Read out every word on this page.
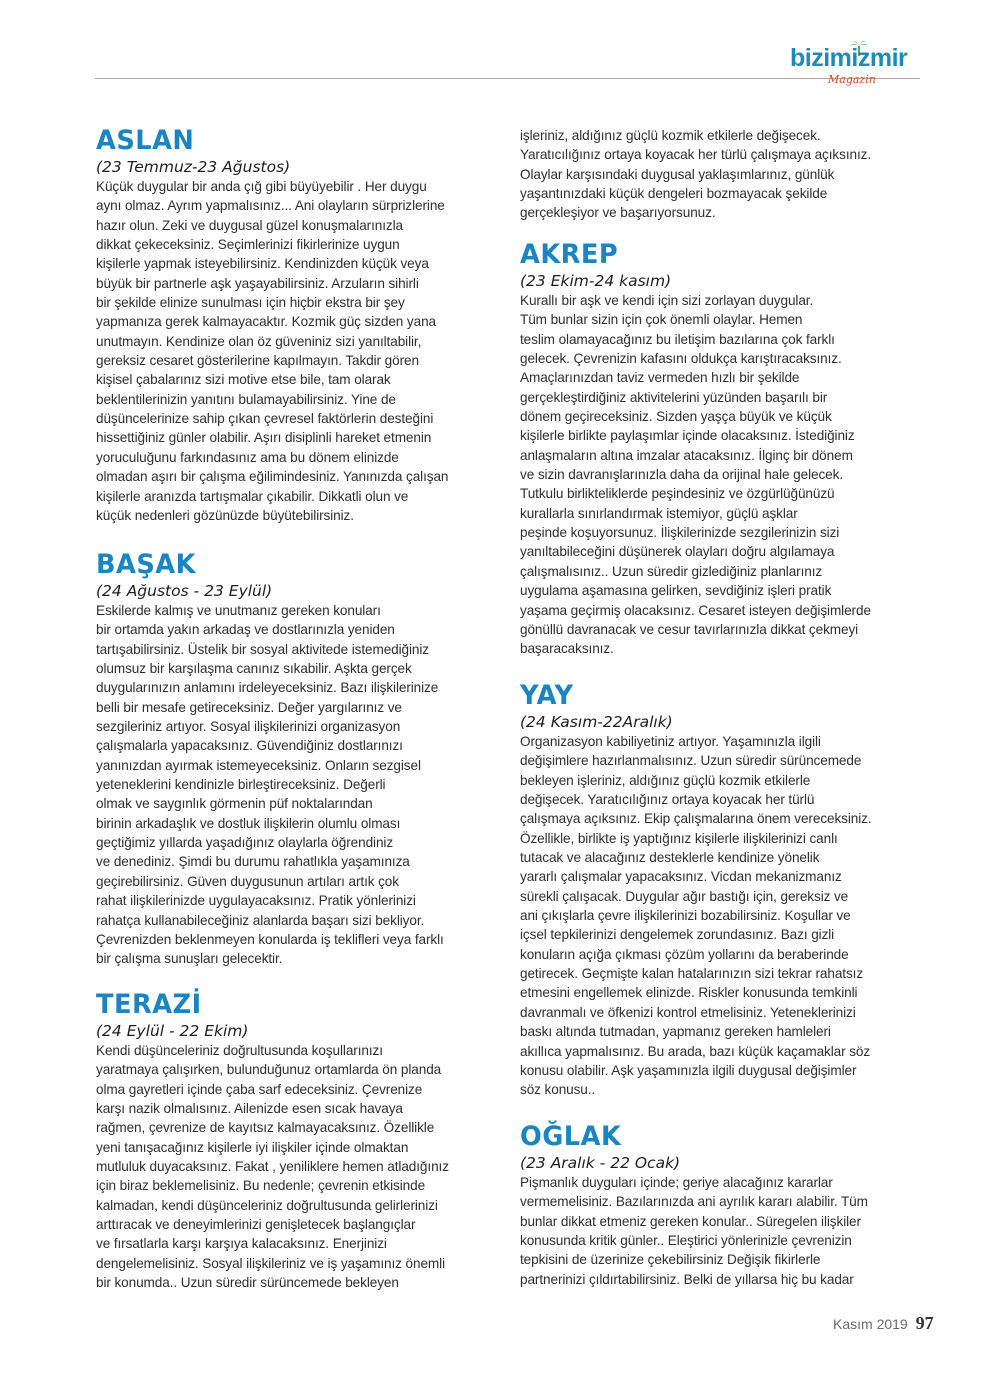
bizimizmir
Magazin
ASLAN

(23 Temmuz-23 Ağustos)

Küçük duygular bir anda çığ gibi büyüyebilir . Her duygu
aynı olmaz. Ayrım yapmalısınız... Ani olayların sürprizlerine
hazır olun. Zeki ve duygusal güzel konuşmalarınızla
dikkat çekeceksiniz. Seçimlerinizi fikirlerinize uygun
kişilerle yapmak isteyebilirsiniz. Kendinizden küçük veya
büyük bir partnerle aşk yaşayabilirsiniz. Arzuların sihirli
bir şekilde elinize sunulması için hiçbir ekstra bir şey
yapmanıza gerek kalmayacaktır. Kozmik güç sizden yana
unutmayın. Kendinize olan öz güveniniz sizi yanıltabilir,
gereksiz cesaret gösterilerine kapılmayın. Takdir gören
kişisel çabalarınız sizi motive etse bile, tam olarak
beklentilerinizin yanıtını bulamayabilirsiniz. Yine de
düşüncelerinize sahip çıkan çevresel faktörlerin desteğini
hissettiğiniz günler olabilir. Aşırı disiplinli hareket etmenin
yoruculuğunu farkındasınız ama bu dönem elinizde
olmadan aşırı bir çalışma eğilimindesiniz. Yanınızda çalışan
kişilerle aranızda tartışmalar çıkabilir. Dikkatli olun ve
küçük nedenleri gözünüzde büyütebilirsiniz.

BAŞAK

(24 Ağustos - 23 Eylül)

Eskilerde kalmış ve unutmanız gereken konuları
bir ortamda yakın arkadaş ve dostlarınızla yeniden
tartışabilirsiniz. Üstelik bir sosyal aktivitede istemediğiniz
olumsuz bir karşılaşma canınız sıkabilir. Aşkta gerçek
duygularınızın anlamını irdeleyeceksiniz. Bazı ilişkilerinize
belli bir mesafe getireceksiniz. Değer yargılarınız ve
sezgileriniz artıyor. Sosyal ilişkilerinizi organizasyon
çalışmalarla yapacaksınız. Güvendiğiniz dostlarınızı
yanınızdan ayırmak istemeyeceksiniz. Onların sezgisel
yeteneklerini kendinizle birleştireceksiniz. Değerli
olmak ve saygınlık görmenin püf noktalarından
birinin arkadaşlık ve dostluk ilişkilerin olumlu olması
geçtiğimiz yıllarda yaşadığınız olaylarla öğrendiniz
ve denediniz. Şimdi bu durumu rahatlıkla yaşamınıza
geçirebilirsiniz. Güven duygusunun artıları artık çok
rahat ilişkilerinizde uygulayacaksınız. Pratik yönlerinizi
rahatça kullanabileceğiniz alanlarda başarı sizi bekliyor.
Çevrenizden beklenmeyen konularda iş teklifleri veya farklı
bir çalışma sunuşları gelecektir.

TERAZİ

(24 Eylül - 22 Ekim)

Kendi düşünceleriniz doğrultusunda koşullarınızı
yaratmaya çalışırken, bulunduğunuz ortamlarda ön planda
olma gayretleri içinde çaba sarf edeceksiniz. Çevrenize
karşı nazik olmalısınız. Ailenizde esen sıcak havaya
rağmen, çevrenize de kayıtsız kalmayacaksınız. Özellikle
yeni tanışacağınız kişilerle iyi ilişkiler içinde olmaktan
mutluluk duyacaksınız. Fakat , yeniliklere hemen atladığınız
için biraz beklemelisiniz. Bu nedenle; çevrenin etkisinde
kalmadan, kendi düşünceleriniz doğrultusunda gelirlerinizi
arttıracak ve deneyimlerinizi genişletecek başlangıçlar
ve fırsatlarla karşı karşıya kalacaksınız. Enerjinizi
dengelemelisiniz. Sosyal ilişkileriniz ve iş yaşamınız önemli
bir konumda.. Uzun süredir sürüncemede bekleyen

işleriniz, aldığınız güçlü kozmik etkilerle değişecek.
Yaratıcılığınız ortaya koyacak her türlü çalışmaya açıksınız.
Olaylar karşısındaki duygusal yaklaşımlarınız, günlük
yaşantınızdaki küçük dengeleri bozmayacak şekilde
gerçekleşiyor ve başarıyorsunuz.

AKREP

(23 Ekim-24 kasım)

Kurallı bir aşk ve kendi için sizi zorlayan duygular.
Tüm bunlar sizin için çok önemli olaylar. Hemen
teslim olamayacağınız bu iletişim bazılarına çok farklı
gelecek. Çevrenizin kafasını oldukça karıştıracaksınız.
Amaçlarınızdan taviz vermeden hızlı bir şekilde
gerçekleştirdiğiniz aktivitelerini yüzünden başarılı bir
dönem geçireceksiniz. Sizden yaşça büyük ve küçük
kişilerle birlikte paylaşımlar içinde olacaksınız. İstediğiniz
anlaşmaların altına imzalar atacaksınız. İlginç bir dönem
ve sizin davranışlarınızla daha da orijinal hale gelecek.
Tutkulu birlikteliklerde peşindesiniz ve özgürlüğünüzü
kurallarla sınırlandırmak istemiyor, güçlü aşklar
peşinde koşuyorsunuz. İlişkilerinizde sezgilerinizin sizi
yanıltabileceğini düşünerek olayları doğru algılamaya
çalışmalısınız.. Uzun süredir gizlediğiniz planlarınız
uygulama aşamasına gelirken, sevdiğiniz işleri pratik
yaşama geçirmiş olacaksınız. Cesaret isteyen değişimlerde
gönüllü davranacak ve cesur tavırlarınızla dikkat çekmeyi
başaracaksınız.

YAY

(24 Kasım-22Aralık)

Organizasyon kabiliyetiniz artıyor. Yaşamınızla ilgili
değişimlere hazırlanmalısınız. Uzun süredir sürüncemede
bekleyen işleriniz, aldığınız güçlü kozmik etkilerle
değişecek. Yaratıcılığınız ortaya koyacak her türlü
çalışmaya açıksınız. Ekip çalışmalarına önem vereceksiniz.
Özellikle, birlikte iş yaptığınız kişilerle ilişkilerinizi canlı
tutacak ve alacağınız desteklerle kendinize yönelik
yararlı çalışmalar yapacaksınız. Vicdan mekanizmanız
sürekli çalışacak. Duygular ağır bastığı için, gereksiz ve
ani çıkışlarla çevre ilişkilerinizi bozabilirsiniz. Koşullar ve
içsel tepkilerinizi dengelemek zorundasınız. Bazı gizli
konuların açığa çıkması çözüm yollarını da beraberinde
getirecek. Geçmişte kalan hatalarınızın sizi tekrar rahatsız
etmesini engellemek elinizde. Riskler konusunda temkinli
davranmalı ve öfkenizi kontrol etmelisiniz. Yeteneklerinizi
baskı altında tutmadan, yapmanız gereken hamleleri
akıllıca yapmalısınız. Bu arada, bazı küçük kaçamaklar söz
konusu olabilir. Aşk yaşamınızla ilgili duygusal değişimler
söz konusu..

OĞLAK

(23 Aralık - 22 Ocak)

Pişmanlık duyguları içinde; geriye alacağınız kararlar
vermemelisiniz. Bazılarınızda ani ayrılık kararı alabilir. Tüm
bunlar dikkat etmeniz gereken konular.. Süregelen ilişkiler
konusunda kritik günler.. Eleştirici yönlerinizle çevrenizin
tepkisini de üzerinize çekebilirsiniz Değişik fikirlerle
partnerinizi çıldırtabilirsiniz. Belki de yıllarsa hiç bu kadar

Kasım 2019 97
